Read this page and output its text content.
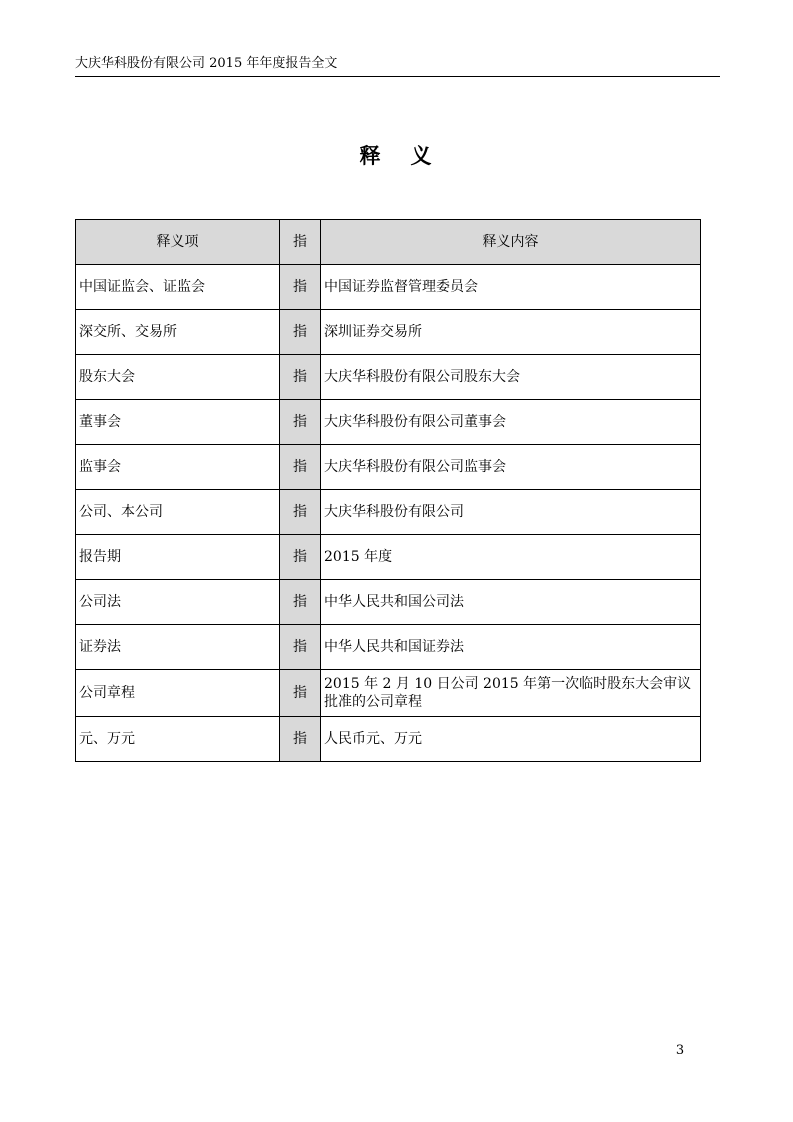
大庆华科股份有限公司 2015 年年度报告全文
释 义
释义项	指	释义内容
中国证监会、证监会	指	中国证券监督管理委员会
深交所、交易所	指	深圳证券交易所
股东大会	指	大庆华科股份有限公司股东大会
董事会	指	大庆华科股份有限公司董事会
监事会	指	大庆华科股份有限公司监事会
公司、本公司	指	大庆华科股份有限公司
报告期	指	2015 年度
公司法	指	中华人民共和国公司法
证券法	指	中华人民共和国证券法
公司章程	指	2015 年 2 月 10 日公司 2015 年第一次临时股东大会审议批准的公司章程
元、万元	指	人民币元、万元
3
